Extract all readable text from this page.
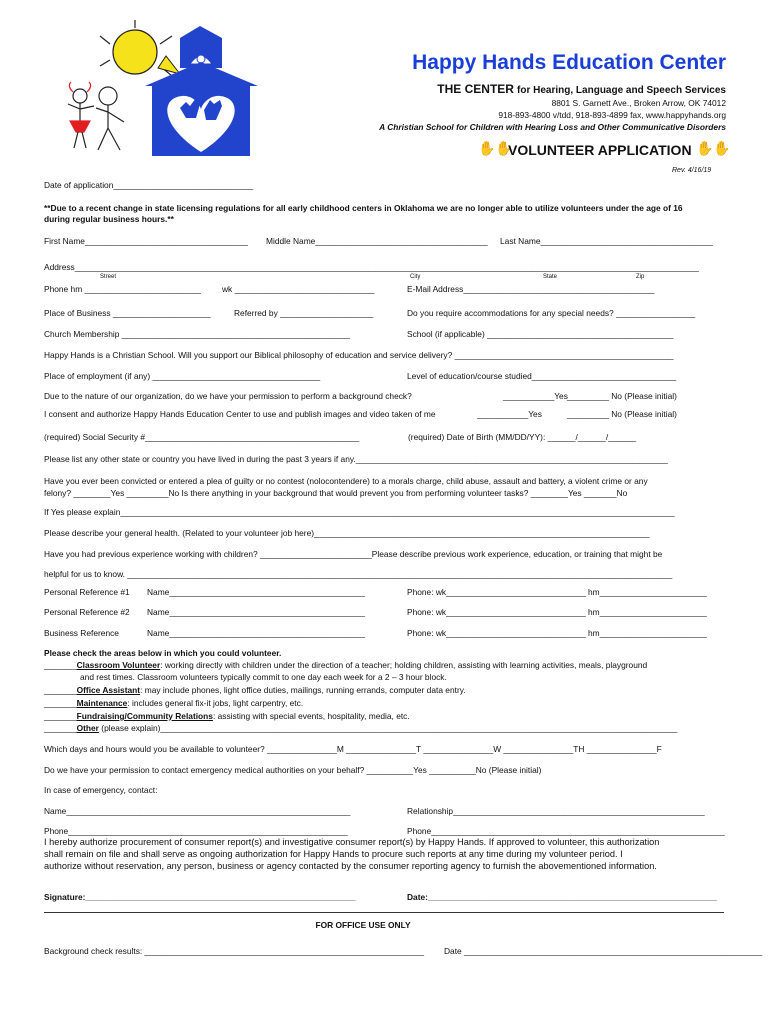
Happy Hands Education Center
THE CENTER for Hearing, Language and Speech Services
8801 S. Garnett Ave., Broken Arrow, OK 74012
918-893-4800 v/tdd, 918-893-4899 fax, www.happyhands.org
A Christian School for Children with Hearing Loss and Other Communicative Disorders
✋✋
VOLUNTEER APPLICATION ✋✋
Rev. 4/16/19
Date of application______________________________
**Due to a recent change in state licensing regulations for all early childhood centers in Oklahoma we are no longer able to utilize volunteers under the age of 16
during regular business hours.**
First Name___________________________________ Middle Name_____________________________________ Last Name_____________________________________
Address______________________________________________________________________________________________________________________________________
Street	City	State	Zip
Phone hm _________________________	wk ______________________________	E-Mail Address_________________________________________
Place of Business _____________________	Referred by ____________________	Do you require accommodations for any special needs? _________________
Church Membership _________________________________________________	School (if applicable) ________________________________________
Happy Hands is a Christian School. Will you support our Biblical philosophy of education and service delivery? _______________________________________________
Place of employment (if any) ____________________________________	Level of education/course studied_______________________________
Due to the nature of our organization, do we have your permission to perform a background check?	___________Yes _________ No (Please initial)
I consent and authorize Happy Hands Education Center to use and publish images and video taken of me	___________Yes	_________ No (Please initial)
(required) Social Security #______________________________________________	(required) Date of Birth (MM/DD/YY): ______/______/______
Please list any other state or country you have lived in during the past 3 years if any.___________________________________________________________________
Have you ever been convicted or entered a plea of guilty or no contest (nolocontendere) to a morals charge, child abuse, assault and battery, a violent crime or any
felony? ________Yes _________No Is there anything in your background that would prevent you from performing volunteer tasks? ________Yes _______No
If Yes please explain_______________________________________________________________________________________________________________________
Please describe your general health. (Related to your volunteer job here)________________________________________________________________________
Have you had previous experience working with children? ________________________Please describe previous work experience, education, or training that might be
helpful for us to know. _____________________________________________________________________________________________________________________
Personal Reference #1 Name__________________________________________	Phone: wk______________________________ hm_______________________
Personal Reference #2 Name__________________________________________	Phone: wk______________________________ hm_______________________
Business Reference	Name__________________________________________	Phone: wk______________________________ hm_______________________
Please check the areas below in which you could volunteer.
_______Classroom Volunteer: working directly with children under the direction of a teacher; holding children, assisting with learning activities, meals, playground
and rest times. Classroom volunteers typically commit to one day each week for a 2 – 3 hour block.
_______Office Assistant: may include phones, light office duties, mailings, running errands, computer data entry.
_______Maintenance: includes general fix-it jobs, light carpentry, etc.
_______Fundraising/Community Relations: assisting with special events, hospitality, media, etc.
_______Other (please explain)_______________________________________________________________________________________________________________
Which days and hours would you be available to volunteer? _______________M _______________T _______________W _______________TH _______________F
Do we have your permission to contact emergency medical authorities on your behalf? __________Yes __________No (Please initial)
In case of emergency, contact:
Name_____________________________________________________________	Relationship______________________________________________________
Phone____________________________________________________________	Phone_______________________________________________________________
I hereby authorize procurement of consumer report(s) and investigative consumer report(s) by Happy Hands. If approved to volunteer, this authorization
shall remain on file and shall serve as ongoing authorization for Happy Hands to procure such reports at any time during my volunteer period. I
authorize without reservation, any person, business or agency contacted by the consumer reporting agency to furnish the abovementioned information.
Signature:__________________________________________________________	Date:______________________________________________________________
FOR OFFICE USE ONLY
Background check results: ____________________________________________________________ Date ________________________________________________________________
